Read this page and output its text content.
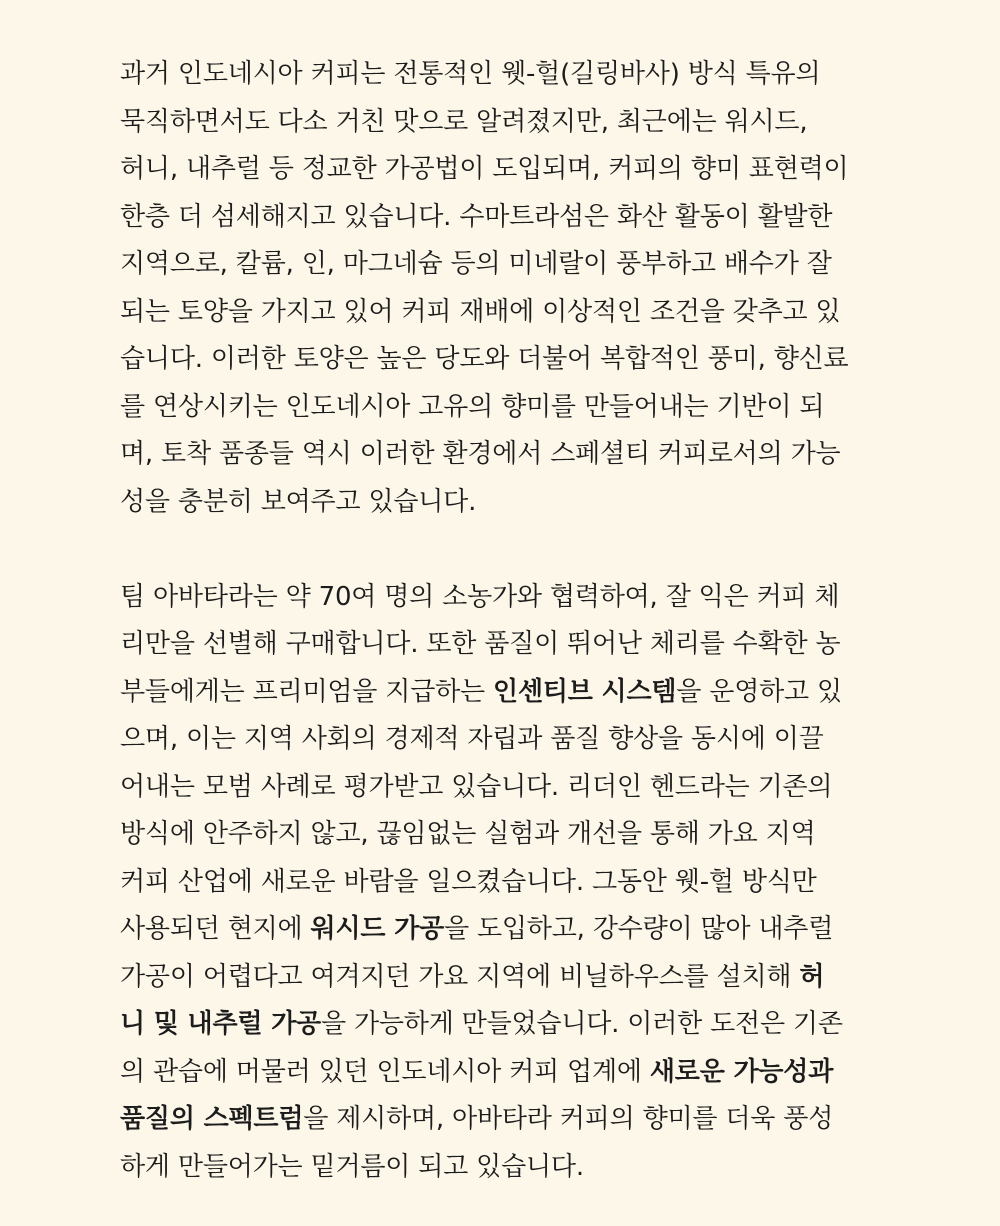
과거 인도네시아 커피는 전통적인 웻-헐(길링바사) 방식 특유의
묵직하면서도 다소 거친 맛으로 알려졌지만, 최근에는 워시드,
허니, 내추럴 등 정교한 가공법이 도입되며, 커피의 향미 표현력이
한층 더 섬세해지고 있습니다. 수마트라섬은 화산 활동이 활발한
지역으로, 칼륨, 인, 마그네슘 등의 미네랄이 풍부하고 배수가 잘
되는 토양을 가지고 있어 커피 재배에 이상적인 조건을 갖추고 있
습니다. 이러한 토양은 높은 당도와 더불어 복합적인 풍미, 향신료
를 연상시키는 인도네시아 고유의 향미를 만들어내는 기반이 되
며, 토착 품종들 역시 이러한 환경에서 스페셜티 커피로서의 가능
성을 충분히 보여주고 있습니다.
팀 아바타라는 약 70여 명의 소농가와 협력하여, 잘 익은 커피 체
리만을 선별해 구매합니다. 또한 품질이 뛰어난 체리를 수확한 농
부들에게는 프리미엄을 지급하는 인센티브 시스템을 운영하고 있
으며, 이는 지역 사회의 경제적 자립과 품질 향상을 동시에 이끌
어내는 모범 사례로 평가받고 있습니다. 리더인 헨드라는 기존의
방식에 안주하지 않고, 끊임없는 실험과 개선을 통해 가요 지역
커피 산업에 새로운 바람을 일으켰습니다. 그동안 웻-헐 방식만
사용되던 현지에 워시드 가공을 도입하고, 강수량이 많아 내추럴
가공이 어렵다고 여겨지던 가요 지역에 비닐하우스를 설치해 허
니 및 내추럴 가공을 가능하게 만들었습니다. 이러한 도전은 기존
의 관습에 머물러 있던 인도네시아 커피 업계에 새로운 가능성과
품질의 스펙트럼을 제시하며, 아바타라 커피의 향미를 더욱 풍성
하게 만들어가는 밑거름이 되고 있습니다.
